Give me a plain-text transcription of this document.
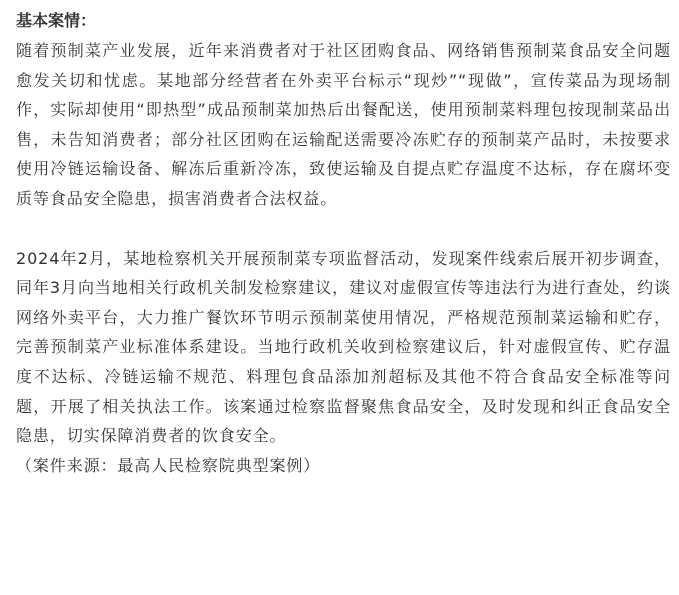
基本案情：

随着预制菜产业发展，近年来消费者对于社区团购食品、网络销售预制菜食品安全问题愈发关切和忧虑。某地部分经营者在外卖平台标示“现炒”“现做”，宣传菜品为现场制作，实际却使用“即热型”成品预制菜加热后出餐配送，使用预制菜料理包按现制菜品出售，未告知消费者；部分社区团购在运输配送需要冷冻贮存的预制菜产品时，未按要求使用冷链运输设备、解冻后重新冷冻，致使运输及自提点贮存温度不达标，存在腐坏变质等食品安全隐患，损害消费者合法权益。

2024年2月，某地检察机关开展预制菜专项监督活动，发现案件线索后展开初步调查，同年3月向当地相关行政机关制发检察建议，建议对虚假宣传等违法行为进行查处，约谈网络外卖平台，大力推广餐饮环节明示预制菜使用情况，严格规范预制菜运输和贮存，完善预制菜产业标准体系建设。当地行政机关收到检察建议后，针对虚假宣传、贮存温度不达标、冷链运输不规范、料理包食品添加剂超标及其他不符合食品安全标准等问题，开展了相关执法工作。该案通过检察监督聚焦食品安全，及时发现和纠正食品安全隐患，切实保障消费者的饮食安全。

（案件来源：最高人民检察院典型案例）
